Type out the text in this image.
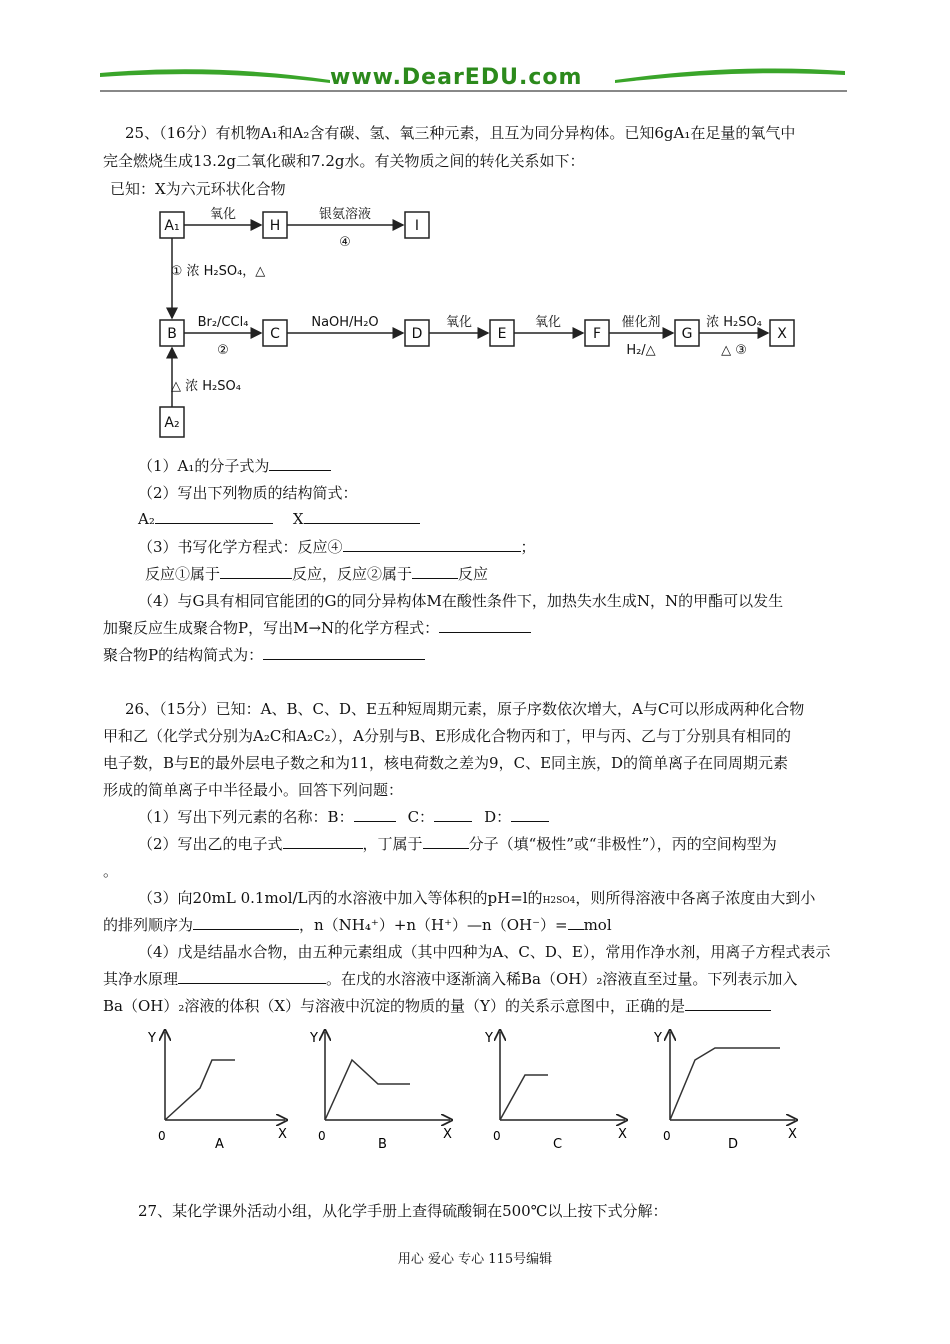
www.DearEDU.com
25、（16分）有机物A₁和A₂含有碳、氢、氧三种元素，且互为同分异构体。已知6gA₁在足量的氧气中
完全燃烧生成13.2g二氧化碳和7.2g水。有关物质之间的转化关系如下：
已知：X为六元环状化合物
A₁	H	I
B	C	D	E	F	G	X
A₂
氧化	银氨溶液
④
① 浓 H₂SO₄，△
Br₂/CCl₄
②
NaOH/H₂O	氧化	氧化	催化剂
H₂/△
浓 H₂SO₄
△ ③
△ 浓 H₂SO₄
（1）A₁的分子式为
（2）写出下列物质的结构简式：
A₂	X
（3）书写化学方程式：反应④	；
反应①属于	反应，反应②属于	反应
（4）与G具有相同官能团的G的同分异构体M在酸性条件下，加热失水生成N，N的甲酯可以发生
加聚反应生成聚合物P，写出M→N的化学方程式：
聚合物P的结构简式为：
26、（15分）已知：A、B、C、D、E五种短周期元素，原子序数依次增大，A与C可以形成两种化合物
甲和乙（化学式分别为A₂C和A₂C₂），A分别与B、E形成化合物丙和丁，甲与丙、乙与丁分别具有相同的
电子数，B与E的最外层电子数之和为11，核电荷数之差为9，C、E同主族，D的简单离子在同周期元素
形成的简单离子中半径最小。回答下列问题：
（1）写出下列元素的名称：B：	C：	D：
（2）写出乙的电子式	，丁属于	分子（填“极性”或“非极性”），丙的空间构型为
。
（3）向20mL 0.1mol/L丙的水溶液中加入等体积的pH=l的H2SO4，则所得溶液中各离子浓度由大到小
的排列顺序为	，n（NH₄⁺）+n（H⁺）—n（OH⁻）= mol
（4）戊是结晶水合物，由五种元素组成（其中四种为A、C、D、E），常用作净水剂，用离子方程式表示
其净水原理	。在戊的水溶液中逐渐滴入稀Ba（OH）₂溶液直至过量。下列表示加入
Ba（OH）₂溶液的体积（X）与溶液中沉淀的物质的量（Y）的关系示意图中，正确的是
Y
X
0
A
Y
X
0
B
Y
X
0
C
Y
X
0
D
27、某化学课外活动小组，从化学手册上查得硫酸铜在500℃以上按下式分解：
用心 爱心 专心 115号编辑
